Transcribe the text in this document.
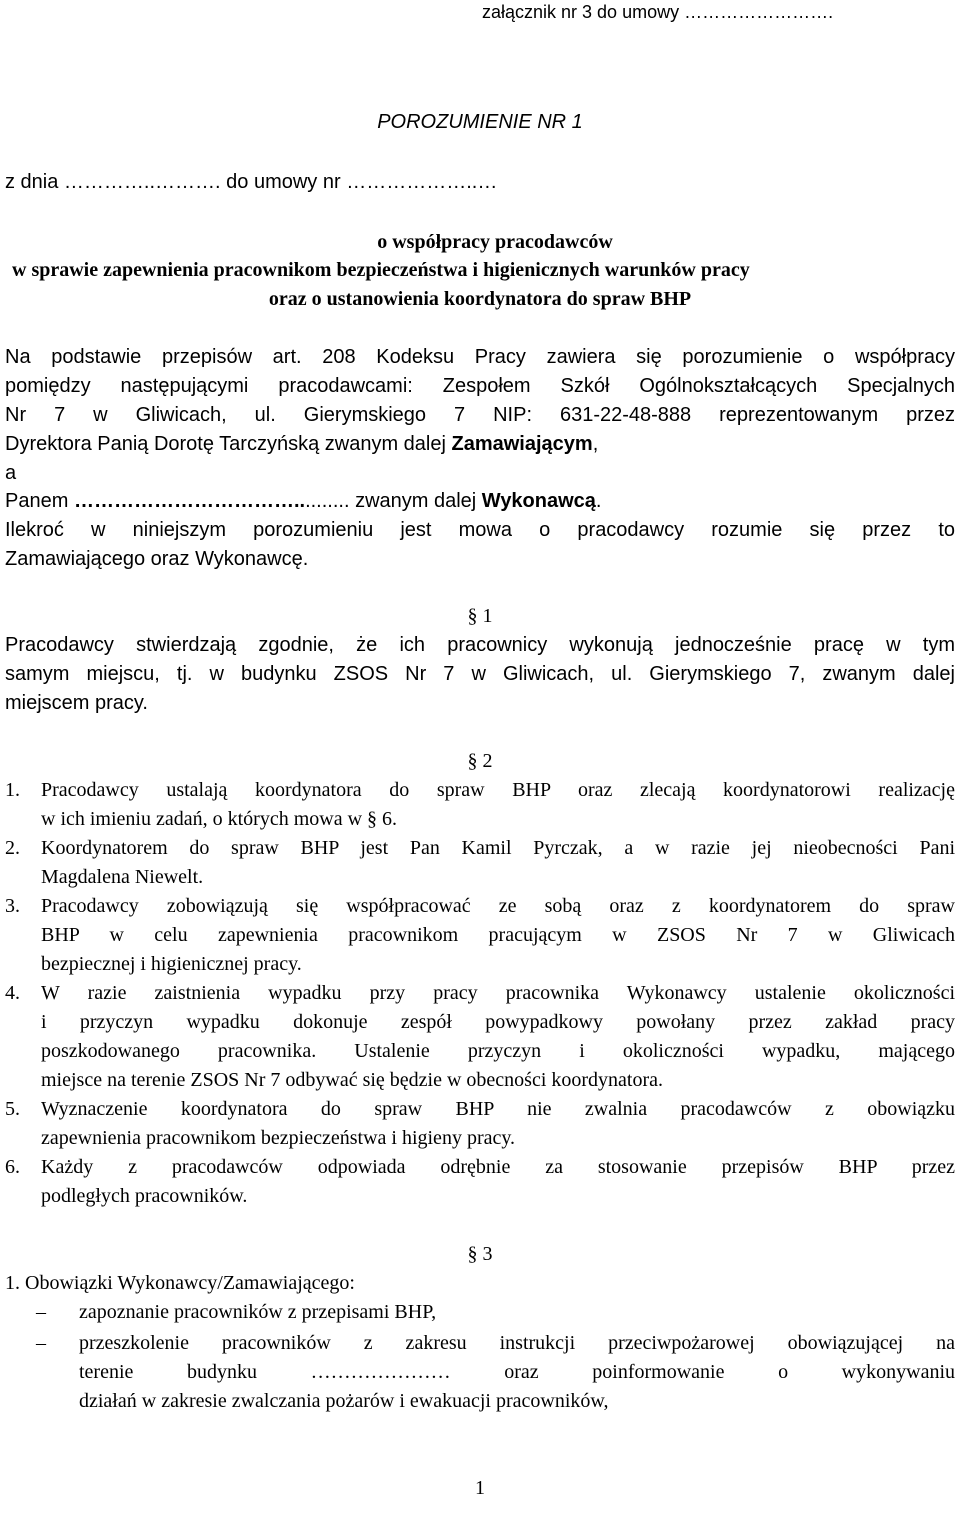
załącznik nr 3 do umowy …………………….
POROZUMIENIE NR 1
z dnia …………..………. do umowy nr ………………..…
o współpracy pracodawców
w sprawie zapewnienia pracownikom bezpieczeństwa i higienicznych warunków pracy
oraz o ustanowienia koordynatora do spraw BHP
Na podstawie przepisów art. 208 Kodeksu Pracy zawiera się porozumienie o współpracy
pomiędzy następującymi pracodawcami: Zespołem Szkół Ogólnokształcących Specjalnych
Nr 7 w Gliwicach, ul. Gierymskiego 7 NIP: 631-22-48-888 reprezentowanym przez
Dyrektora Panią Dorotę Tarczyńską zwanym dalej Zamawiającym,
a
Panem …………………………….......... zwanym dalej Wykonawcą.
Ilekroć w niniejszym porozumieniu jest mowa o pracodawcy rozumie się przez to
Zamawiającego oraz Wykonawcę.
§ 1
Pracodawcy stwierdzają zgodnie, że ich pracownicy wykonują jednocześnie pracę w tym
samym miejscu, tj. w budynku ZSOS Nr 7 w Gliwicach, ul. Gierymskiego 7, zwanym dalej
miejscem pracy.
§ 2
1. Pracodawcy ustalają koordynatora do spraw BHP oraz zlecają koordynatorowi realizację
w ich imieniu zadań, o których mowa w § 6.
2. Koordynatorem do spraw BHP jest Pan Kamil Pyrczak, a w razie jej nieobecności Pani
Magdalena Niewelt.
3. Pracodawcy zobowiązują się współpracować ze sobą oraz z koordynatorem do spraw
BHP w celu zapewnienia pracownikom pracującym w ZSOS Nr 7 w Gliwicach
bezpiecznej i higienicznej pracy.
4. W razie zaistnienia wypadku przy pracy pracownika Wykonawcy ustalenie okoliczności
i przyczyn wypadku dokonuje zespół powypadkowy powołany przez zakład pracy
poszkodowanego pracownika. Ustalenie przyczyn i okoliczności wypadku, mającego
miejsce na terenie ZSOS Nr 7 odbywać się będzie w obecności koordynatora.
5. Wyznaczenie koordynatora do spraw BHP nie zwalnia pracodawców z obowiązku
zapewnienia pracownikom bezpieczeństwa i higieny pracy.
6. Każdy z pracodawców odpowiada odrębnie za stosowanie przepisów BHP przez
podległych pracowników.
§ 3
1. Obowiązki Wykonawcy/Zamawiającego:
– zapoznanie pracowników z przepisami BHP,
– przeszkolenie pracowników z zakresu instrukcji przeciwpożarowej obowiązującej na
terenie budynku ………………… oraz poinformowanie o wykonywaniu
działań w zakresie zwalczania pożarów i ewakuacji pracowników,
1
